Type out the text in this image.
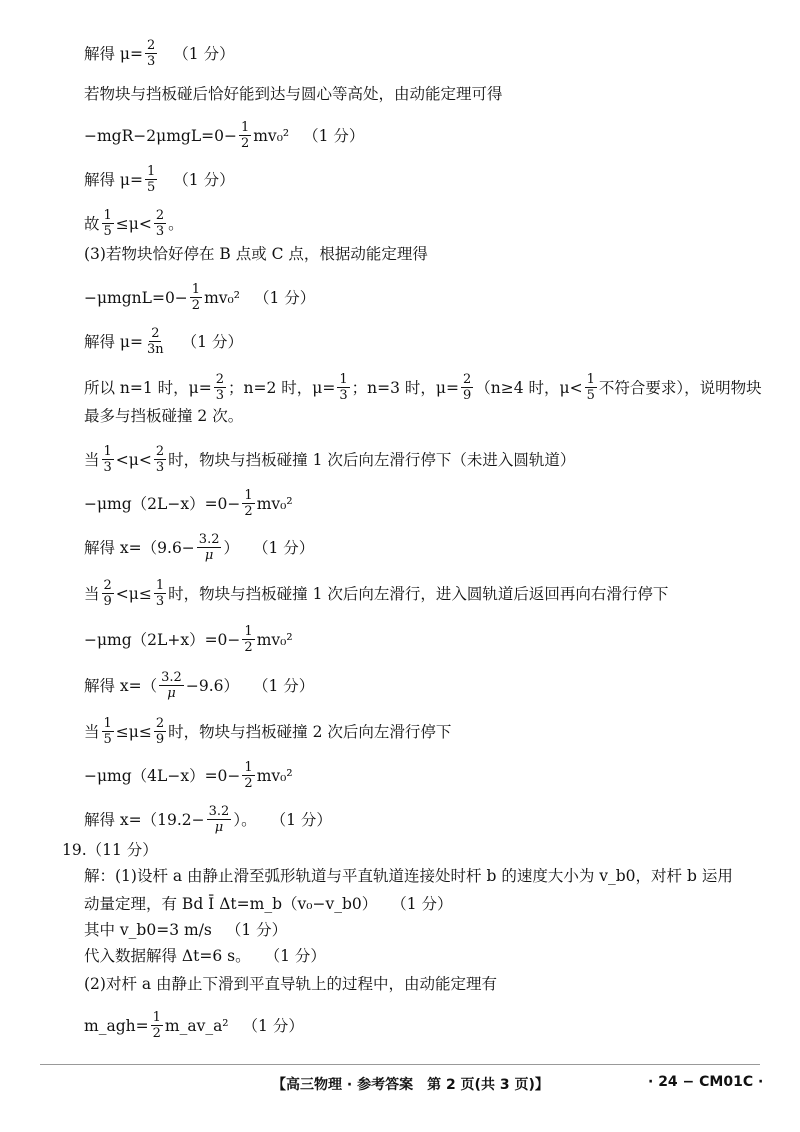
解得 $\mu= \frac{2}{3} (1$ 分）
若物块与挡板碰后恰好能到达与圆心等高处，由动能定理可得
$-mgR-2\mu mgL=0- \frac{1}{2} mv_0^2$ （1 分）
解得 $\mu= \frac{1}{5} (1$ 分）
故 $\frac{1}{5} \le\mu< \frac{2}{3}$ 。
(3)若物块恰好停在 B 点或 C 点，根据动能定理得
−μmgnL=0− $\frac{1}{2} mv_0^2$ （1 分）
解得 $\mu= \frac{2}{3n} (1$ 分）
所以 n=1 时，$\mu= \frac{2}{3}$ ；n=2 时，$\mu= \frac{1}{3}$ ；n=3 时，$\mu= \frac{2}{9} (n\ge 4$ 时，$\mu< \frac{1}{5}$ 不符合要求），说明物块
最多与挡板碰撞 2 次。
当 $\frac{1}{3} <\mu< \frac{2}{3}$ 时，物块与挡板碰撞 1 次后向左滑行停下（未进入圆轨道）
$-\mu mg(2L-x)=0- \frac{1}{2} mv_0^2$
解得 $x=(9.6- \frac{3.2}{\mu}$ ） （1 分）
当 $\frac{2}{9} <\mu\le \frac{1}{3}$ 时，物块与挡板碰撞 1 次后向左滑行，进入圆轨道后返回再向右滑行停下
$-\mu mg(2L+x)=0- \frac{1}{2} mv_0^2$
解得 $x=( \frac{3.2}{\mu} -9.6)$ （1 分）
当 $\frac{1}{5} \le\mu\le \frac{2}{9}$ 时，物块与挡板碰撞 2 次后向左滑行停下
$-\mu mg(4L-x)=0- \frac{1}{2} mv_0^2$
解得 $x=(19.2- \frac{3.2}{\mu}$ ）。 （1 分）
19.（11 分）
解：(1)设杆 a 由静止滑至弧形轨道与平直轨道连接处时杆 b 的速度大小为 v_b0，对杆 b 运用
动量定理，有 Bd Ī Δt=m_b（v₀−v_b0） （1 分）
其中 v_b0=3 m/s （1 分）
代入数据解得 Δt=6 s。 （1 分）
(2)对杆 a 由静止下滑到平直导轨上的过程中，由动能定理有
m_agh= $\frac{1}{2}$ m_av_a² （1 分）
【高三物理 · 参考答案　第 2 页(共 3 页)】	· 24 − CM01C ·
